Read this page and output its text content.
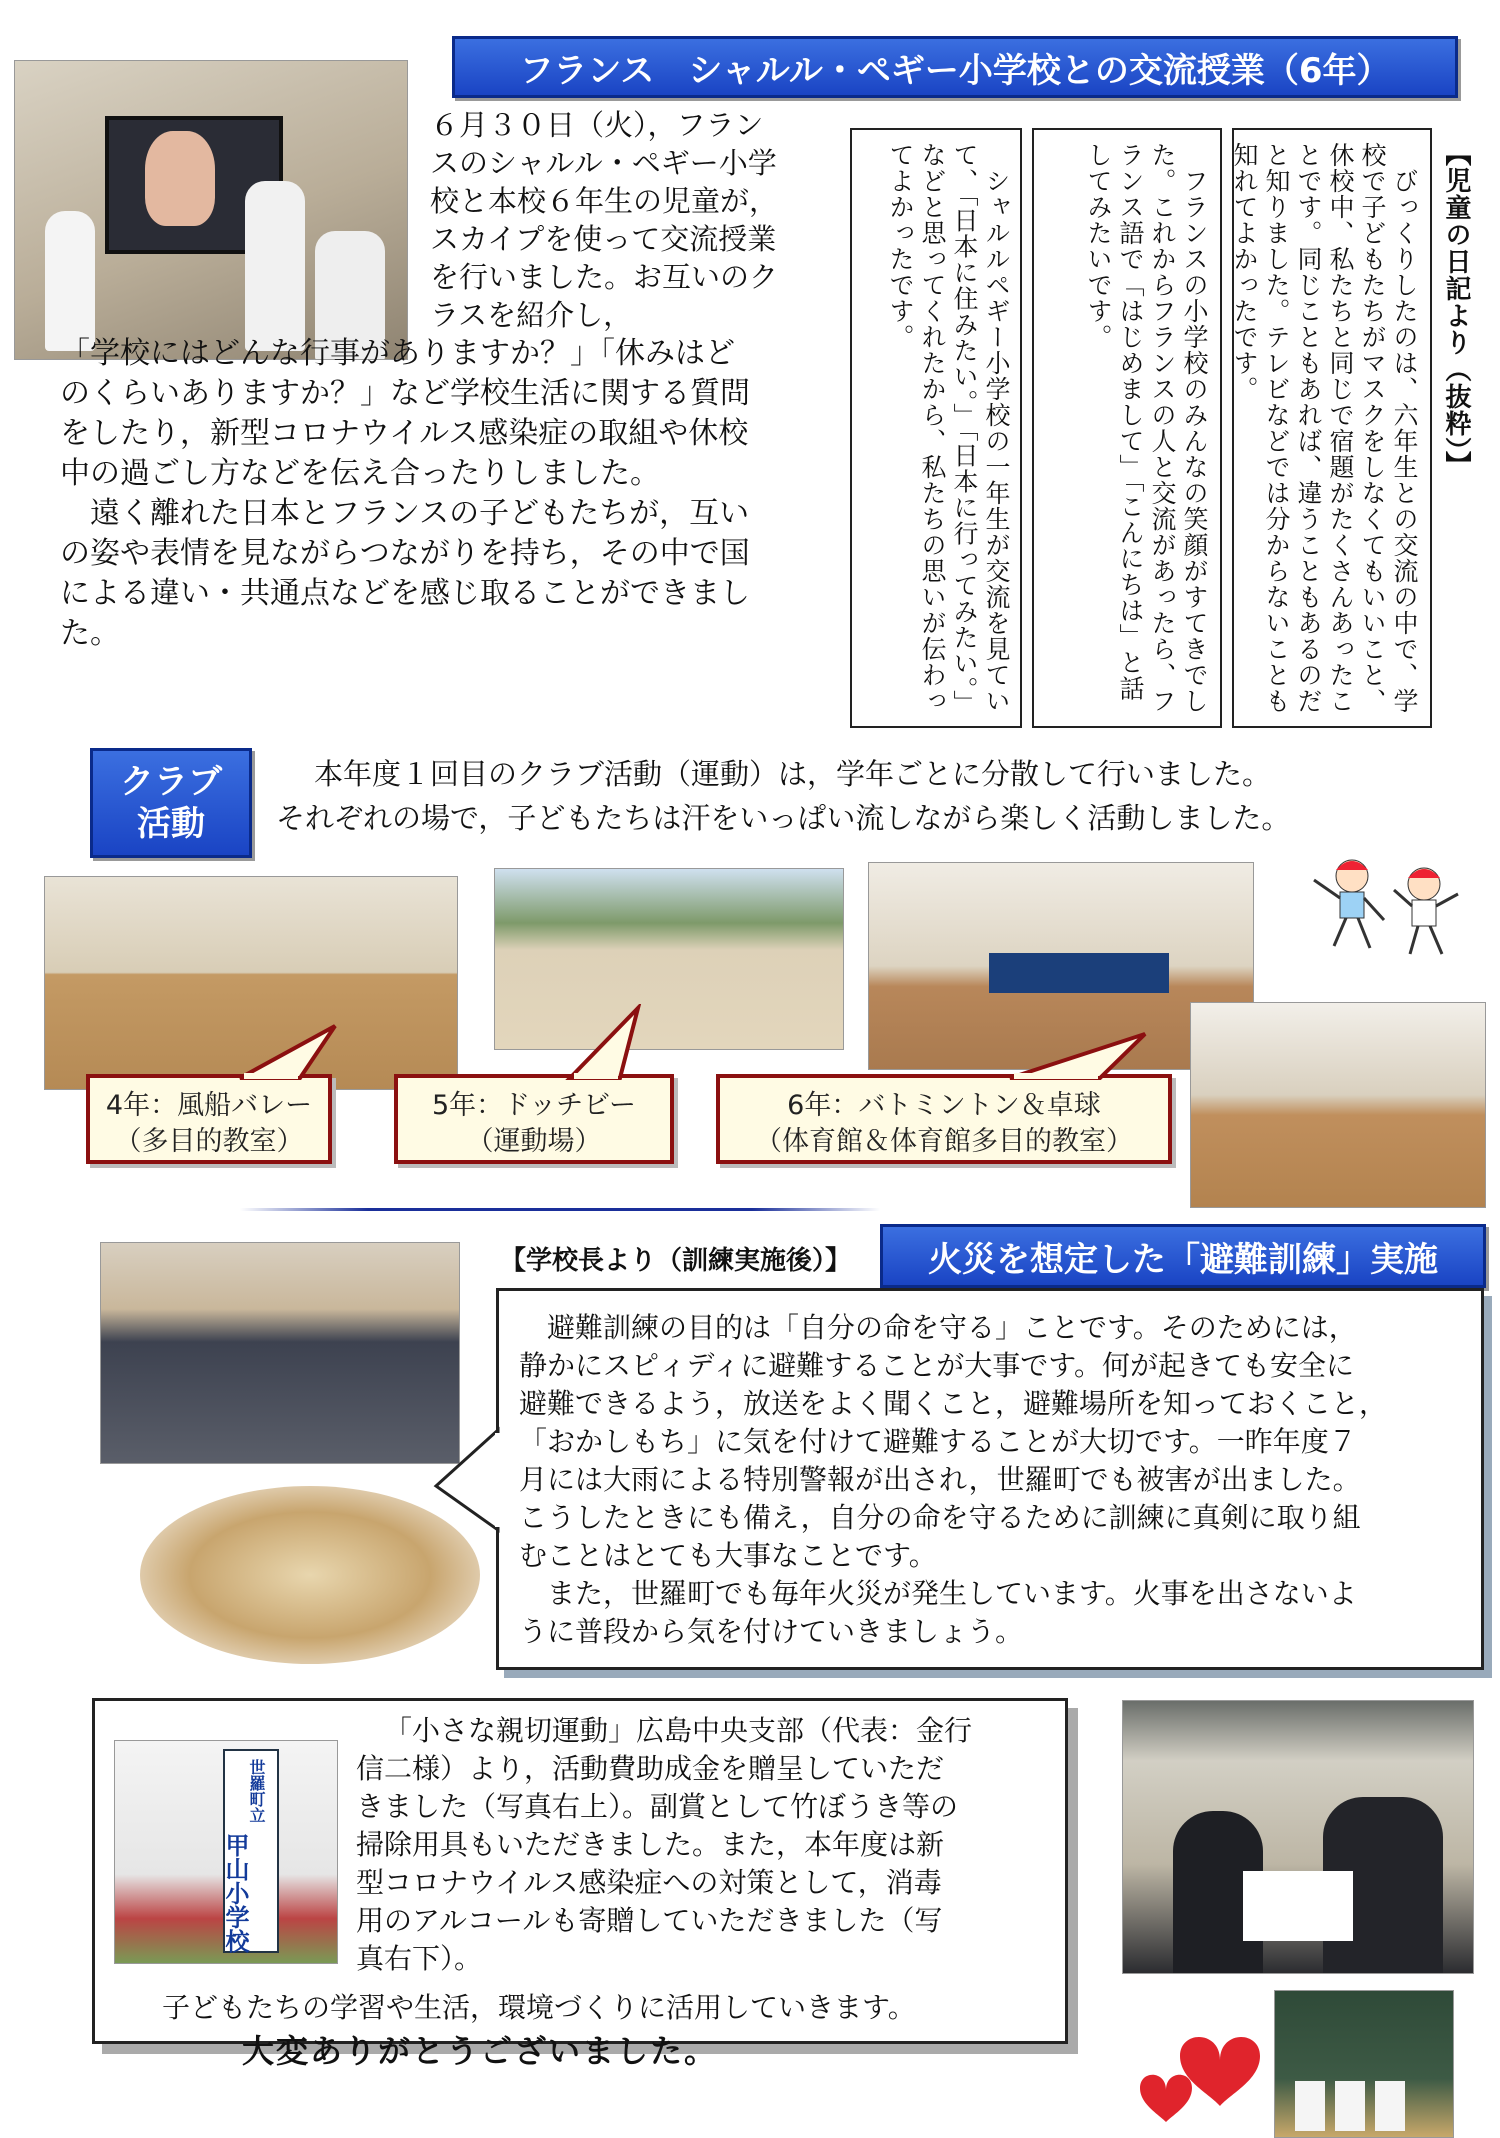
フランス　シャルル・ペギー小学校との交流授業（6年）
６月３０日（火），フラン
スのシャルル・ペギー小学
校と本校６年生の児童が，
スカイプを使って交流授業
を行いました。お互いのク
ラスを紹介し，
「学校にはどんな行事がありますか？」「休みはど
のくらいありますか？」など学校生活に関する質問
をしたり，新型コロナウイルス感染症の取組や休校
中の過ごし方などを伝え合ったりしました。
　遠く離れた日本とフランスの子どもたちが，互い
の姿や表情を見ながらつながりを持ち，その中で国
による違い・共通点などを感じ取ることができまし
た。
【児童の日記より（抜粋）】
　びっくりしたのは、六年生との交流の中で、学校で子どもたちがマスクをしなくてもいいこと、休校中、私たちと同じで宿題がたくさんあったことです。同じこともあれば、違うこともあるのだと知りました。テレビなどでは分からないことも知れてよかったです。
　フランスの小学校のみんなの笑顔がすてきでした。これからフランスの人と交流があったら、フランス語で「はじめまして」「こんにちは」と話してみたいです。
　シャルルペギー小学校の一年生が交流を見ていて、「日本に住みたい。」「日本に行ってみたい。」などと思ってくれたから、私たちの思いが伝わってよかったです。
クラブ
活動
本年度１回目のクラブ活動（運動）は，学年ごとに分散して行いました。
それぞれの場で，子どもたちは汗をいっぱい流しながら楽しく活動しました。
4年：風船バレー
（多目的教室）
5年：ドッチビー
（運動場）
6年：バトミントン＆卓球
（体育館＆体育館多目的教室）
【学校長より（訓練実施後）】 火災を想定した「避難訓練」実施
　避難訓練の目的は「自分の命を守る」ことです。そのためには，
静かにスピィディに避難することが大事です。何が起きても安全に
避難できるよう，放送をよく聞くこと，避難場所を知っておくこと，
「おかしもち」に気を付けて避難することが大切です。一昨年度７
月には大雨による特別警報が出され，世羅町でも被害が出ました。
こうしたときにも備え，自分の命を守るために訓練に真剣に取り組
むことはとても大事なことです。
　また，世羅町でも毎年火災が発生しています。火事を出さないよ
うに普段から気を付けていきましょう。
世羅町立
甲山小学校
「小さな親切運動」広島中央支部（代表：金行
信二様）より，活動費助成金を贈呈していただ
きました（写真右上）。副賞として竹ぼうき等の
掃除用具もいただきました。また，本年度は新
型コロナウイルス感染症への対策として，消毒
用のアルコールも寄贈していただきました（写
真右下）。
子どもたちの学習や生活，環境づくりに活用していきます。
大変ありがとうございました。
